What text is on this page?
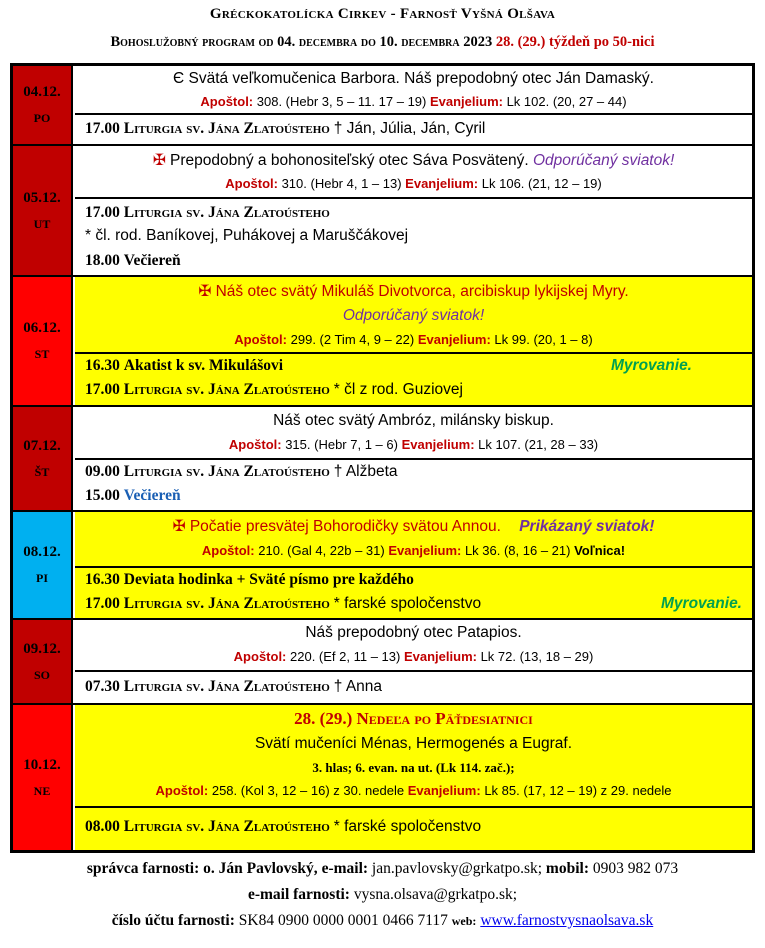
Gréckokatolícka Cirkev - Farnosť Vyšná Olšava
Bohoslužobný program od 04. decembra do 10. decembra 2023 28. (29.) týždeň po 50-nici
04.12.
PO
Є Svätá veľkomučenica Barbora. Náš prepodobný otec Ján Damaský.
Apoštol: 308. (Hebr 3, 5 – 11. 17 – 19) Evanjelium: Lk 102. (20, 27 – 44)
17.00 Liturgia sv. Jána Zlatoústeho † Ján, Júlia, Ján, Cyril
05.12.
UT
✠ Prepodobný a bohonositeľský otec Sáva Posvätený. Odporúčaný sviatok!
Apoštol: 310. (Hebr 4, 1 – 13) Evanjelium: Lk 106. (21, 12 – 19)
17.00 Liturgia sv. Jána Zlatoústeho
* čl. rod. Baníkovej, Puhákovej a Maruščákovej
18.00 Večiereň
06.12.
ST
✠ Náš otec svätý Mikuláš Divotvorca, arcibiskup lykijskej Myry.
Odporúčaný sviatok!
Apoštol: 299. (2 Tim 4, 9 – 22) Evanjelium: Lk 99. (20, 1 – 8)
16.30 Akatist k sv. Mikulášovi	Myrovanie.
17.00 Liturgia sv. Jána Zlatoústeho * čl z rod. Guziovej
07.12.
ŠT
Náš otec svätý Ambróz, milánsky biskup.
Apoštol: 315. (Hebr 7, 1 – 6) Evanjelium: Lk 107. (21, 28 – 33)
09.00 Liturgia sv. Jána Zlatoústeho † Alžbeta
15.00 Večiereň
08.12.
PI
✠ Počatie presvätej Bohorodičky svätou Annou. Prikázaný sviatok!
Apoštol: 210. (Gal 4, 22b – 31) Evanjelium: Lk 36. (8, 16 – 21) Voľnica!
16.30 Deviata hodinka + Sväté písmo pre každého
17.00 Liturgia sv. Jána Zlatoústeho * farské spoločenstvo	Myrovanie.
09.12.
SO
Náš prepodobný otec Patapios.
Apoštol: 220. (Ef 2, 11 – 13) Evanjelium: Lk 72. (13, 18 – 29)
07.30 Liturgia sv. Jána Zlatoústeho † Anna
10.12.
NE
28. (29.) Nedeľa po Päťdesiatnici
Svätí mučeníci Ménas, Hermogenés a Eugraf.
3. hlas; 6. evan. na ut. (Lk 114. zač.);
Apoštol: 258. (Kol 3, 12 – 16) z 30. nedele Evanjelium: Lk 85. (17, 12 – 19) z 29. nedele
08.00 Liturgia sv. Jána Zlatoústeho * farské spoločenstvo
správca farnosti: o. Ján Pavlovský, e-mail: jan.pavlovsky@grkatpo.sk; mobil: 0903 982 073
e-mail farnosti: vysna.olsava@grkatpo.sk;
číslo účtu farnosti: SK84 0900 0000 0001 0466 7117 web: www.farnostvysnaolsava.sk
